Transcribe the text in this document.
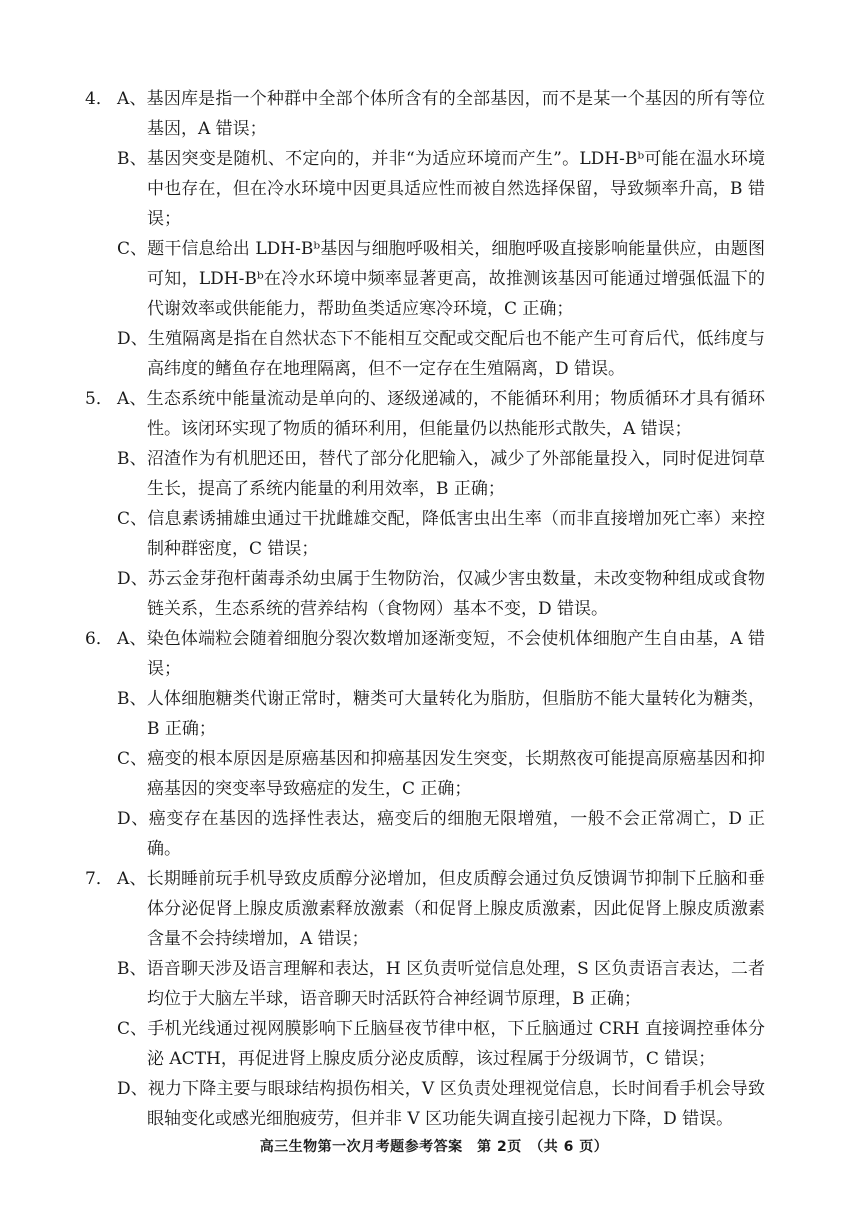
4． A、基因库是指一个种群中全部个体所含有的全部基因，而不是某一个基因的所有等位基因，A 错误；

B、基因突变是随机、不定向的，并非“为适应环境而产生”。LDH-Bᵇ可能在温水环境中也存在，但在冷水环境中因更具适应性而被自然选择保留，导致频率升高，B 错误；

C、题干信息给出 LDH-Bᵇ基因与细胞呼吸相关，细胞呼吸直接影响能量供应，由题图可知，LDH-Bᵇ在冷水环境中频率显著更高，故推测该基因可能通过增强低温下的代谢效率或供能能力，帮助鱼类适应寒冷环境，C 正确；

D、生殖隔离是指在自然状态下不能相互交配或交配后也不能产生可育后代，低纬度与高纬度的鳍鱼存在地理隔离，但不一定存在生殖隔离，D 错误。

5． A、生态系统中能量流动是单向的、逐级递减的，不能循环利用；物质循环才具有循环性。该闭环实现了物质的循环利用，但能量仍以热能形式散失，A 错误；

B、沼渣作为有机肥还田，替代了部分化肥输入，减少了外部能量投入，同时促进饲草生长，提高了系统内能量的利用效率，B 正确；

C、信息素诱捕雄虫通过干扰雌雄交配，降低害虫出生率（而非直接增加死亡率）来控制种群密度，C 错误；

D、苏云金芽孢杆菌毒杀幼虫属于生物防治，仅减少害虫数量，未改变物种组成或食物链关系，生态系统的营养结构（食物网）基本不变，D 错误。

6． A、染色体端粒会随着细胞分裂次数增加逐渐变短，不会使机体细胞产生自由基，A 错误；

B、人体细胞糖类代谢正常时，糖类可大量转化为脂肪，但脂肪不能大量转化为糖类，B 正确；

C、癌变的根本原因是原癌基因和抑癌基因发生突变，长期熬夜可能提高原癌基因和抑癌基因的突变率导致癌症的发生，C 正确；

D、癌变存在基因的选择性表达，癌变后的细胞无限增殖，一般不会正常凋亡，D 正确。

7． A、长期睡前玩手机导致皮质醇分泌增加，但皮质醇会通过负反馈调节抑制下丘脑和垂体分泌促肾上腺皮质激素释放激素（和促肾上腺皮质激素，因此促肾上腺皮质激素含量不会持续增加，A 错误；

B、语音聊天涉及语言理解和表达，H 区负责听觉信息处理，S 区负责语言表达，二者均位于大脑左半球，语音聊天时活跃符合神经调节原理，B 正确；

C、手机光线通过视网膜影响下丘脑昼夜节律中枢，下丘脑通过 CRH 直接调控垂体分泌 ACTH，再促进肾上腺皮质分泌皮质醇，该过程属于分级调节，C 错误；

D、视力下降主要与眼球结构损伤相关，V 区负责处理视觉信息，长时间看手机会导致眼轴变化或感光细胞疲劳，但并非 V 区功能失调直接引起视力下降，D 错误。

高三生物第一次月考题参考答案　第 2页　（共 6 页）
